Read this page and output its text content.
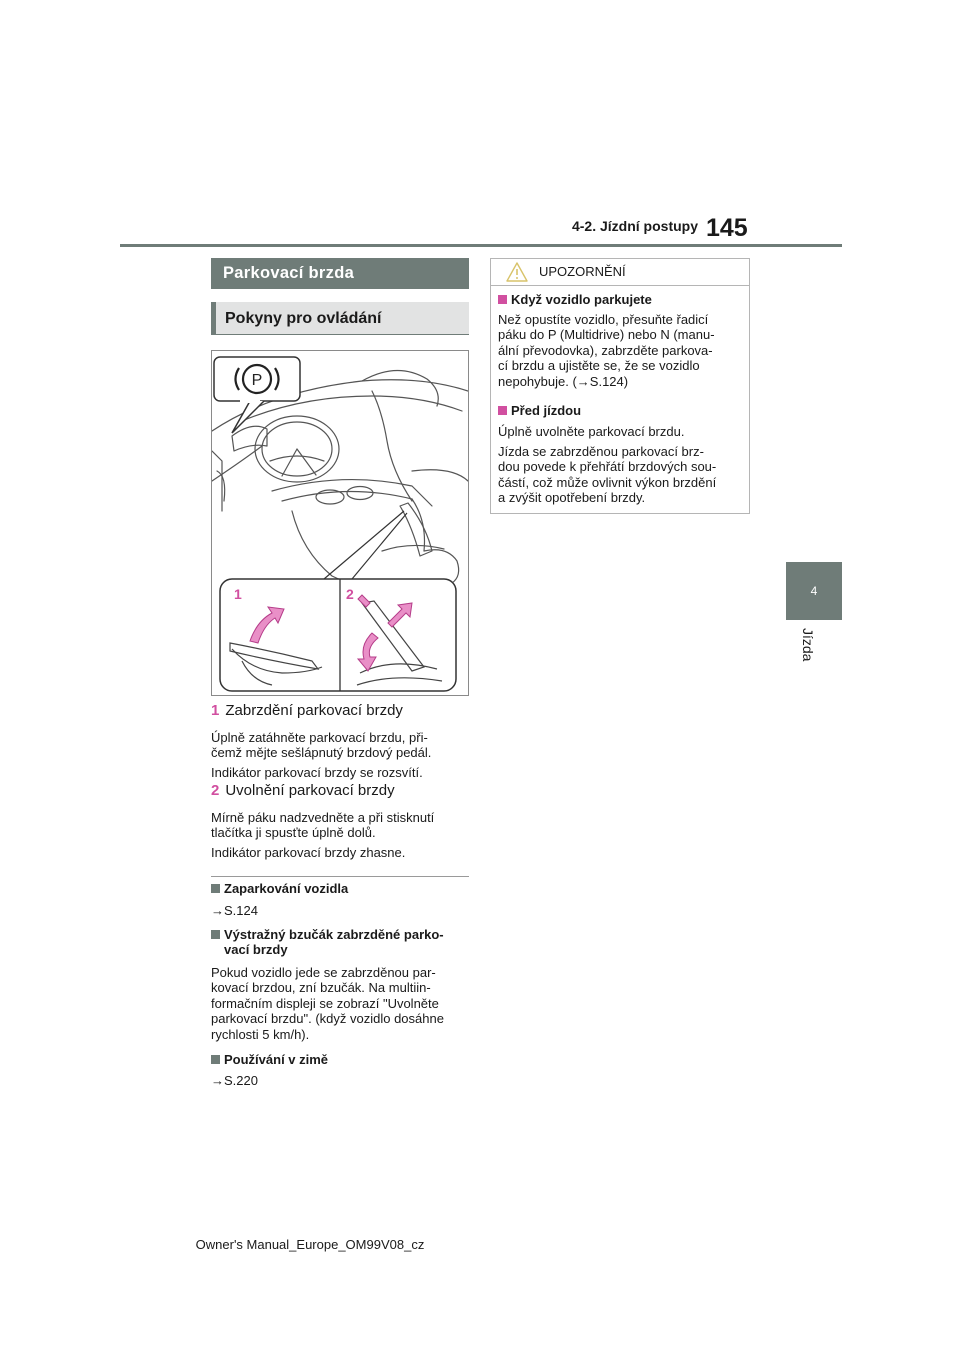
4-2. Jízdní postupy 145
4
Jízda
Parkovací brzda
Pokyny pro ovládání
P
1	2
1 Zabrzdění parkovací brzdy
Úplně zatáhněte parkovací brzdu, při-
čemž mějte sešlápnutý brzdový pedál.
Indikátor parkovací brzdy se rozsvítí.
2 Uvolnění parkovací brzdy
Mírně páku nadzvedněte a při stisknutí
tlačítka ji spusťte úplně dolů.
Indikátor parkovací brzdy zhasne.
Zaparkování vozidla
→S.124
Výstražný bzučák zabrzděné parko-
vací brzdy
Pokud vozidlo jede se zabrzděnou par-
kovací brzdou, zní bzučák. Na multiin-
formačním displeji se zobrazí "Uvolněte
parkovací brzdu". (když vozidlo dosáhne
rychlosti 5 km/h).
Používání v zimě
→S.220
UPOZORNĚNÍ
Když vozidlo parkujete
Než opustíte vozidlo, přesuňte řadicí
páku do P (Multidrive) nebo N (manu-
ální převodovka), zabrzděte parkova-
cí brzdu a ujistěte se, že se vozidlo
nepohybuje. (→S.124)
Před jízdou
Úplně uvolněte parkovací brzdu.
Jízda se zabrzděnou parkovací brz-
dou povede k přehřátí brzdových sou-
částí, což může ovlivnit výkon brzdění
a zvýšit opotřebení brzdy.
Owner's Manual_Europe_OM99V08_cz
